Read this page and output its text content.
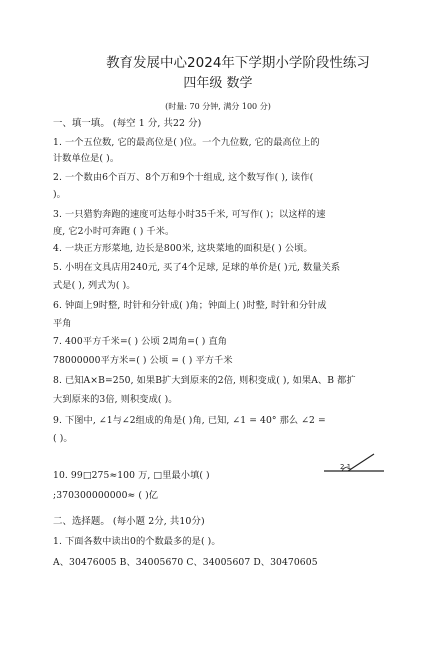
教育发展中心2024年下学期小学阶段性练习
四年级 数学
(时量: 70 分钟, 满分 100 分)
一、填一填。 (每空 1 分, 共22 分)
1. 一个五位数, 它的最高位是( )位。一个九位数, 它的最高位上的
计数单位是( )。
2. 一个数由6个百万、8个万和9个十组成, 这个数写作( ), 读作(
)。
3. 一只猎豹奔跑的速度可达每小时35千米, 可写作( )；以这样的速
度, 它2小时可奔跑 ( ) 千米。
4. 一块正方形菜地, 边长是800米, 这块菜地的面积是( ) 公顷。
5. 小明在文具店用240元, 买了4个足球, 足球的单价是( )元, 数量关系
式是( ), 列式为( )。
6. 钟面上9时整, 时针和分针成( )角；钟面上( )时整, 时针和分针成
平角
7. 400平方千米=( ) 公顷 2周角=( ) 直角
78000000平方米=( ) 公顷 = ( ) 平方千米
8. 已知A×B=250, 如果B扩大到原来的2倍, 则积变成( ), 如果A、B 都扩
大到原来的3倍, 则积变成( )。
9. 下图中, ∠1与∠2组成的角是( )角, 已知, ∠1 = 40° 那么 ∠2 =
( )。
2 1
10. 99□275≈100 万, □里最小填( )
;370300000000≈ ( )亿
二、选择题。 (每小题 2分, 共10分)
1. 下面各数中读出0的个数最多的是( )。
A、30476005 B、34005670 C、34005607 D、30470605
